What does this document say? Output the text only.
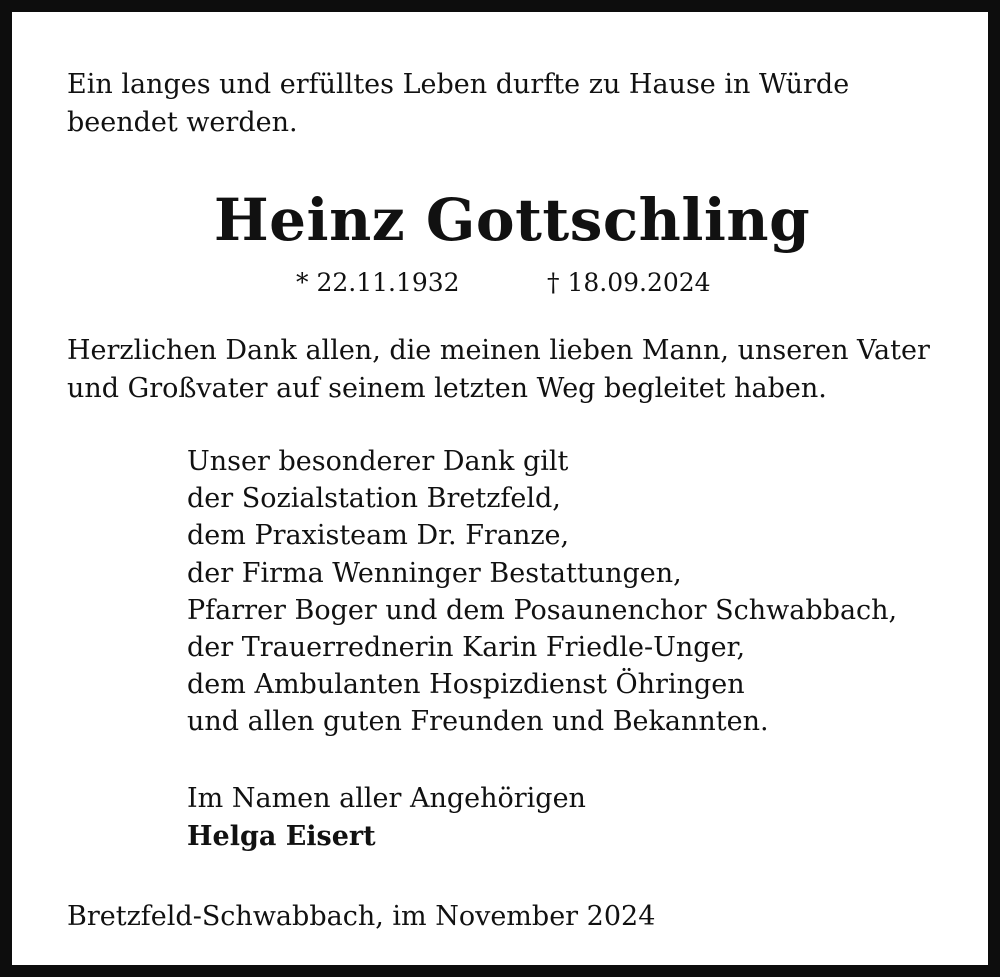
Ein langes und erfülltes Leben durfte zu Hause in Würde
beendet werden.

Heinz Gottschling
* 22.11.1932	† 18.09.2024

Herzlichen Dank allen, die meinen lieben Mann, unseren Vater
und Großvater auf seinem letzten Weg begleitet haben.

Unser besonderer Dank gilt
der Sozialstation Bretzfeld,
dem Praxisteam Dr. Franze,
der Firma Wenninger Bestattungen,
Pfarrer Boger und dem Posaunenchor Schwabbach,
der Trauerrednerin Karin Friedle-Unger,
dem Ambulanten Hospizdienst Öhringen
und allen guten Freunden und Bekannten.

Im Namen aller Angehörigen
Helga Eisert

Bretzfeld-Schwabbach, im November 2024
